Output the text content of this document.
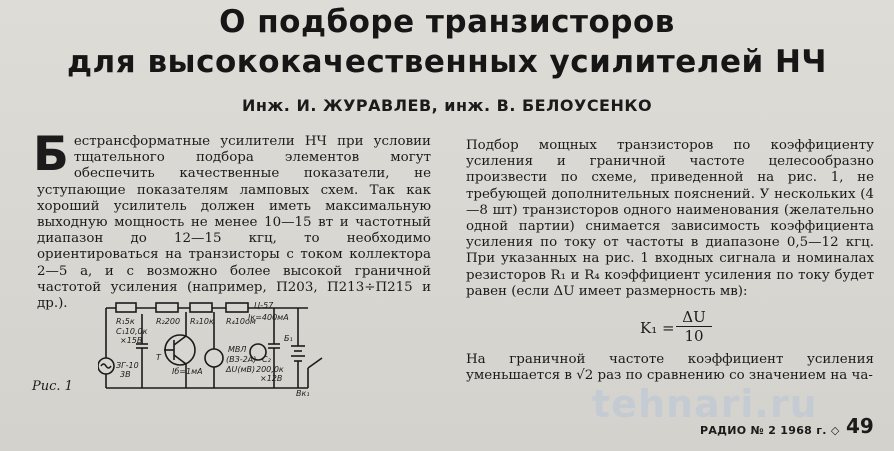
О подборе транзисторов
для высококачественных усилителей НЧ
Инж. И. ЖУРАВЛЕВ, инж. В. БЕЛОУСЕНКО
Бестрансформатные усилители НЧ при условии тщательного подбора элементов могут обеспечить качественные показатели, не уступающие показателям ламповых схем. Так как хороший усилитель должен иметь максимальную выходную мощность не менее 10—15 вт и частотный диапазон до 12—15 кгц, то необходимо ориентироваться на транзисторы с током коллектора 2—5 а, и с возможно более высокой граничной частотой усиления (например, П203, П213÷П215 и др.).
R₁5к
C₁10,0к
×15В
ЗГ-10
3В
R₂200 R₃10к R₄10ом
T
Iб=1мА
Ц-57
Iк=400мА
МВЛ
(ВЗ-2А)
ΔU(мВ)
C₂
200,0к
×12В
Б₁
Вк₁
Рис. 1
Подбор мощных транзисторов по коэффициенту усиления и граничной частоте целесообразно произвести по схеме, приведенной на рис. 1, не требующей дополнительных пояснений. У нескольких (4—8 шт) транзисторов одного наименования (желательно одной партии) снимается зависимость коэффициента усиления по току от частоты в диапазоне 0,5—12 кгц. При указанных на рис. 1 входных сигнала и номиналах резисторов R₁ и R₄ коэффициент усиления по току будет равен (если ΔU имеет размерность мв):
$K_1 = \frac{\Delta U}{10}$
На граничной частоте коэффициент усиления уменьшается в √2 раз по сравнению со значением на ча-
tehnari.ru
РАДИО № 2 1968 г. ◇ 49
